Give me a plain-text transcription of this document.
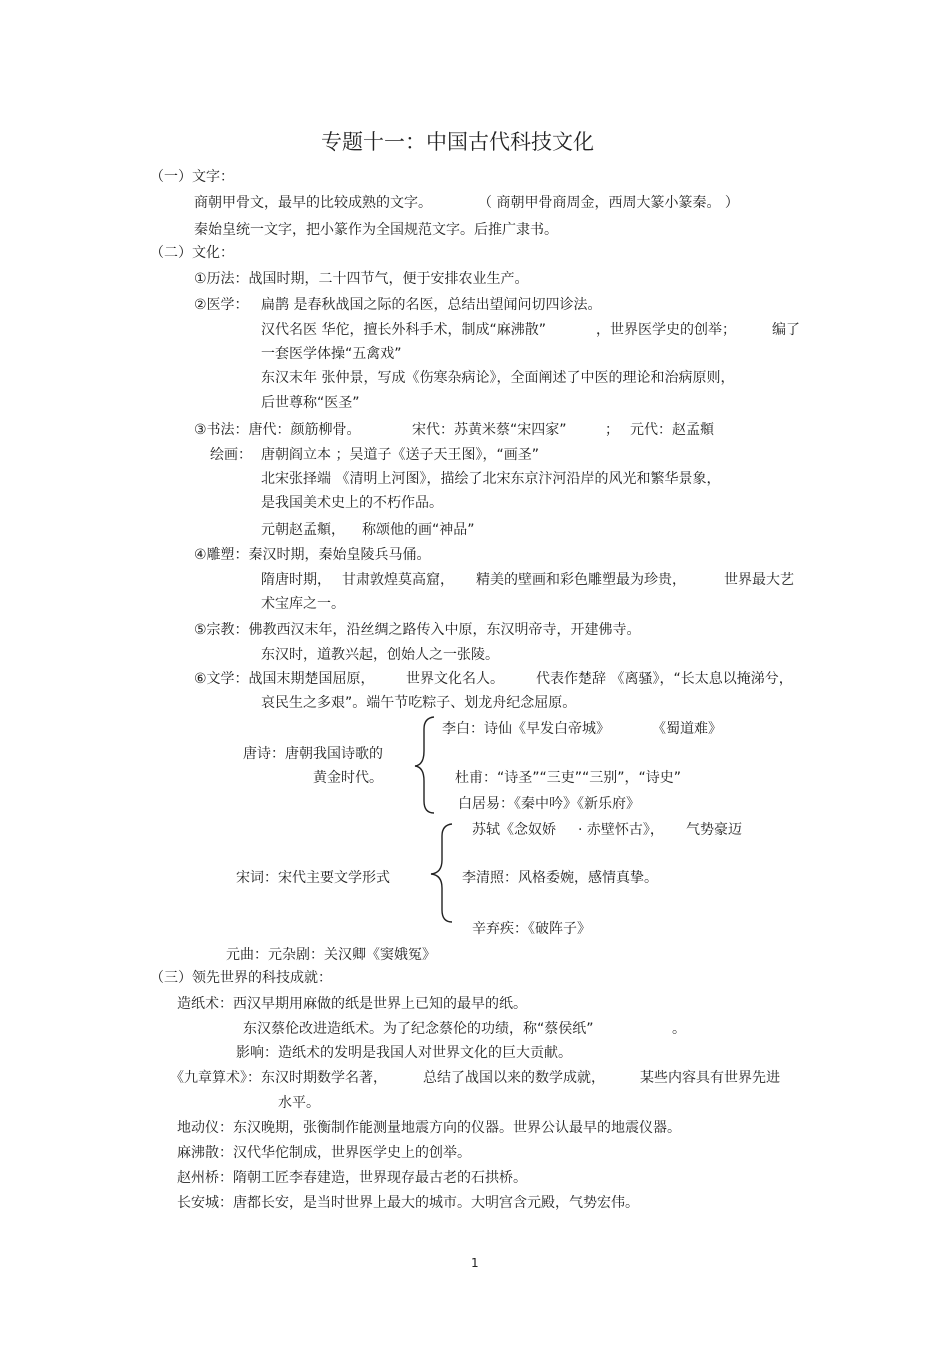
专题十一：中国古代科技文化
（一）文字：
商朝甲骨文，最早的比较成熟的文字。	（ 商朝甲骨商周金，西周大篆小篆秦。 ）
秦始皇统一文字，把小篆作为全国规范文字。后推广隶书。
（二）文化：
①历法：战国时期，二十四节气，便于安排农业生产。
②医学： 扁鹊 是春秋战国之际的名医，总结出望闻问切四诊法。
汉代名医 华佗，擅长外科手术，制成“麻沸散”	，世界医学史的创举；	编了
一套医学体操“五禽戏”
东汉末年 张仲景，写成《伤寒杂病论》，全面阐述了中医的理论和治病原则，
后世尊称“医圣”
③书法：唐代：颜筋柳骨。	宋代：苏黄米蔡“宋四家”	； 元代：赵孟頫
绘画： 唐朝阎立本 ；吴道子《送子天王图》，“画圣”
北宋张择端 《清明上河图》，描绘了北宋东京汴河沿岸的风光和繁华景象，
是我国美术史上的不朽作品。
元朝赵孟頫， 称颂他的画“神品”
④雕塑：秦汉时期，秦始皇陵兵马俑。
隋唐时期， 甘肃敦煌莫高窟， 精美的壁画和彩色雕塑最为珍贵，	世界最大艺
术宝库之一。
⑤宗教：佛教西汉末年，沿丝绸之路传入中原，东汉明帝寺，开建佛寺。
东汉时，道教兴起，创始人之一张陵。
⑥文学：战国末期楚国屈原， 世界文化名人。 代表作楚辞 《离骚》，“长太息以掩涕兮，
哀民生之多艰”。端午节吃粽子、划龙舟纪念屈原。
唐诗：唐朝我国诗歌的
黄金时代。
李白：诗仙《早发白帝城》	《蜀道难》
杜甫：“诗圣”“三吏”“三别”，“诗史”
白居易：《秦中吟》《新乐府》
宋词：宋代主要文学形式
苏轼《念奴娇 · 赤壁怀古》， 气势豪迈
李清照：风格委婉，感情真挚。
辛弃疾：《破阵子》
元曲：元杂剧：关汉卿《窦娥冤》
（三）领先世界的科技成就：
造纸术：西汉早期用麻做的纸是世界上已知的最早的纸。
东汉蔡伦改进造纸术。为了纪念蔡伦的功绩，称“蔡侯纸”	。
影响：造纸术的发明是我国人对世界文化的巨大贡献。
《九章算术》：东汉时期数学名著，	总结了战国以来的数学成就，	某些内容具有世界先进
水平。
地动仪：东汉晚期，张衡制作能测量地震方向的仪器。世界公认最早的地震仪器。
麻沸散：汉代华佗制成，世界医学史上的创举。
赵州桥：隋朝工匠李春建造，世界现存最古老的石拱桥。
长安城：唐都长安，是当时世界上最大的城市。大明宫含元殿，气势宏伟。
1
